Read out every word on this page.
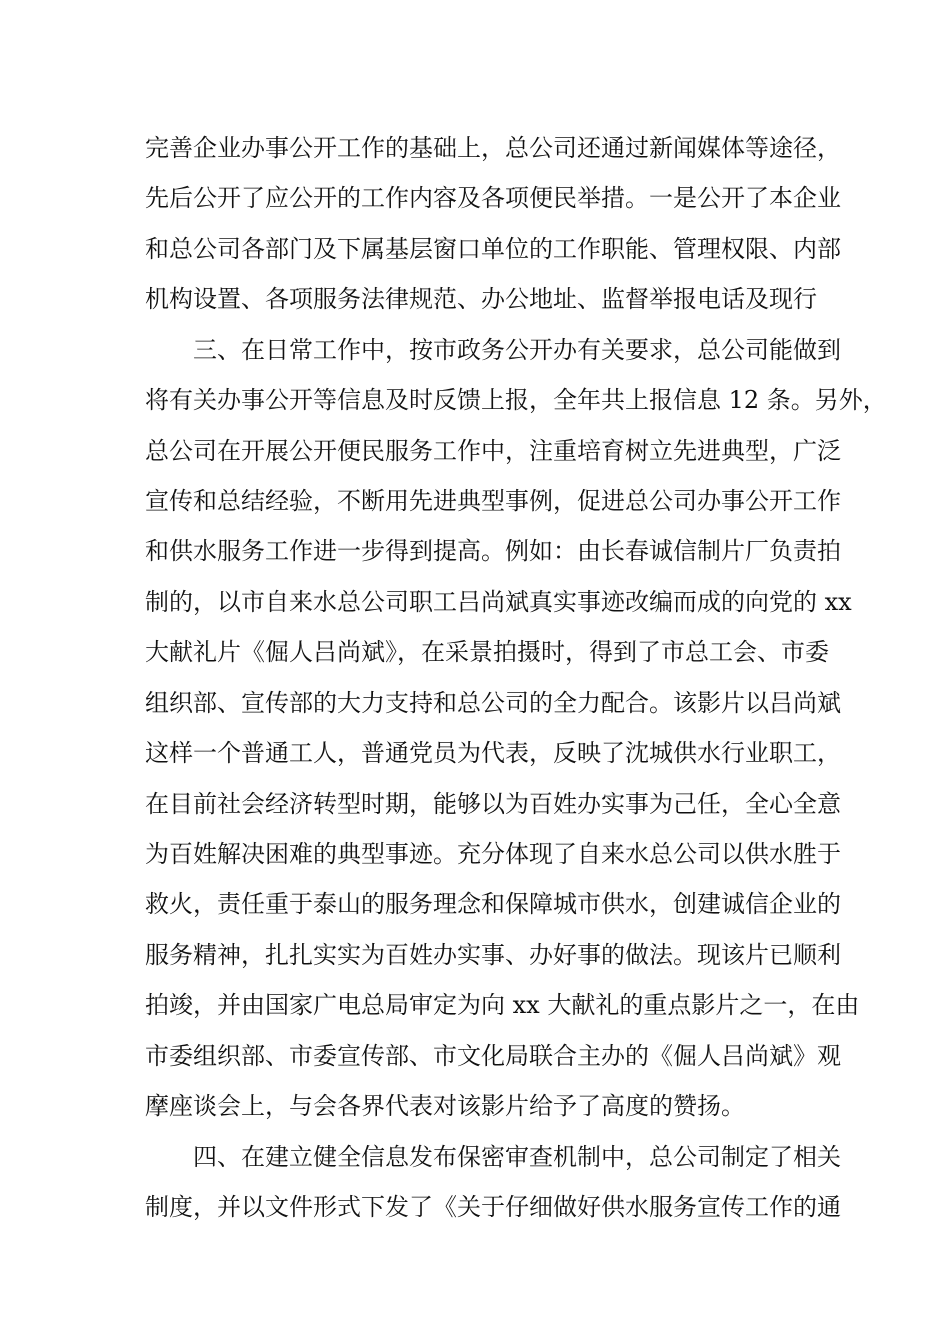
完善企业办事公开工作的基础上，总公司还通过新闻媒体等途径，
先后公开了应公开的工作内容及各项便民举措。一是公开了本企业
和总公司各部门及下属基层窗口单位的工作职能、管理权限、内部
机构设置、各项服务法律规范、办公地址、监督举报电话及现行
三、在日常工作中，按市政务公开办有关要求，总公司能做到
将有关办事公开等信息及时反馈上报，全年共上报信息 12 条。另外，
总公司在开展公开便民服务工作中，注重培育树立先进典型，广泛
宣传和总结经验，不断用先进典型事例，促进总公司办事公开工作
和供水服务工作进一步得到提高。例如：由长春诚信制片厂负责拍
制的，以市自来水总公司职工吕尚斌真实事迹改编而成的向党的 xx
大献礼片《倔人吕尚斌》，在采景拍摄时，得到了市总工会、市委
组织部、宣传部的大力支持和总公司的全力配合。该影片以吕尚斌
这样一个普通工人，普通党员为代表，反映了沈城供水行业职工，
在目前社会经济转型时期，能够以为百姓办实事为己任，全心全意
为百姓解决困难的典型事迹。充分体现了自来水总公司以供水胜于
救火，责任重于泰山的服务理念和保障城市供水，创建诚信企业的
服务精神，扎扎实实为百姓办实事、办好事的做法。现该片已顺利
拍竣，并由国家广电总局审定为向 xx 大献礼的重点影片之一，在由
市委组织部、市委宣传部、市文化局联合主办的《倔人吕尚斌》观
摩座谈会上，与会各界代表对该影片给予了高度的赞扬。
四、在建立健全信息发布保密审查机制中，总公司制定了相关
制度，并以文件形式下发了《关于仔细做好供水服务宣传工作的通
